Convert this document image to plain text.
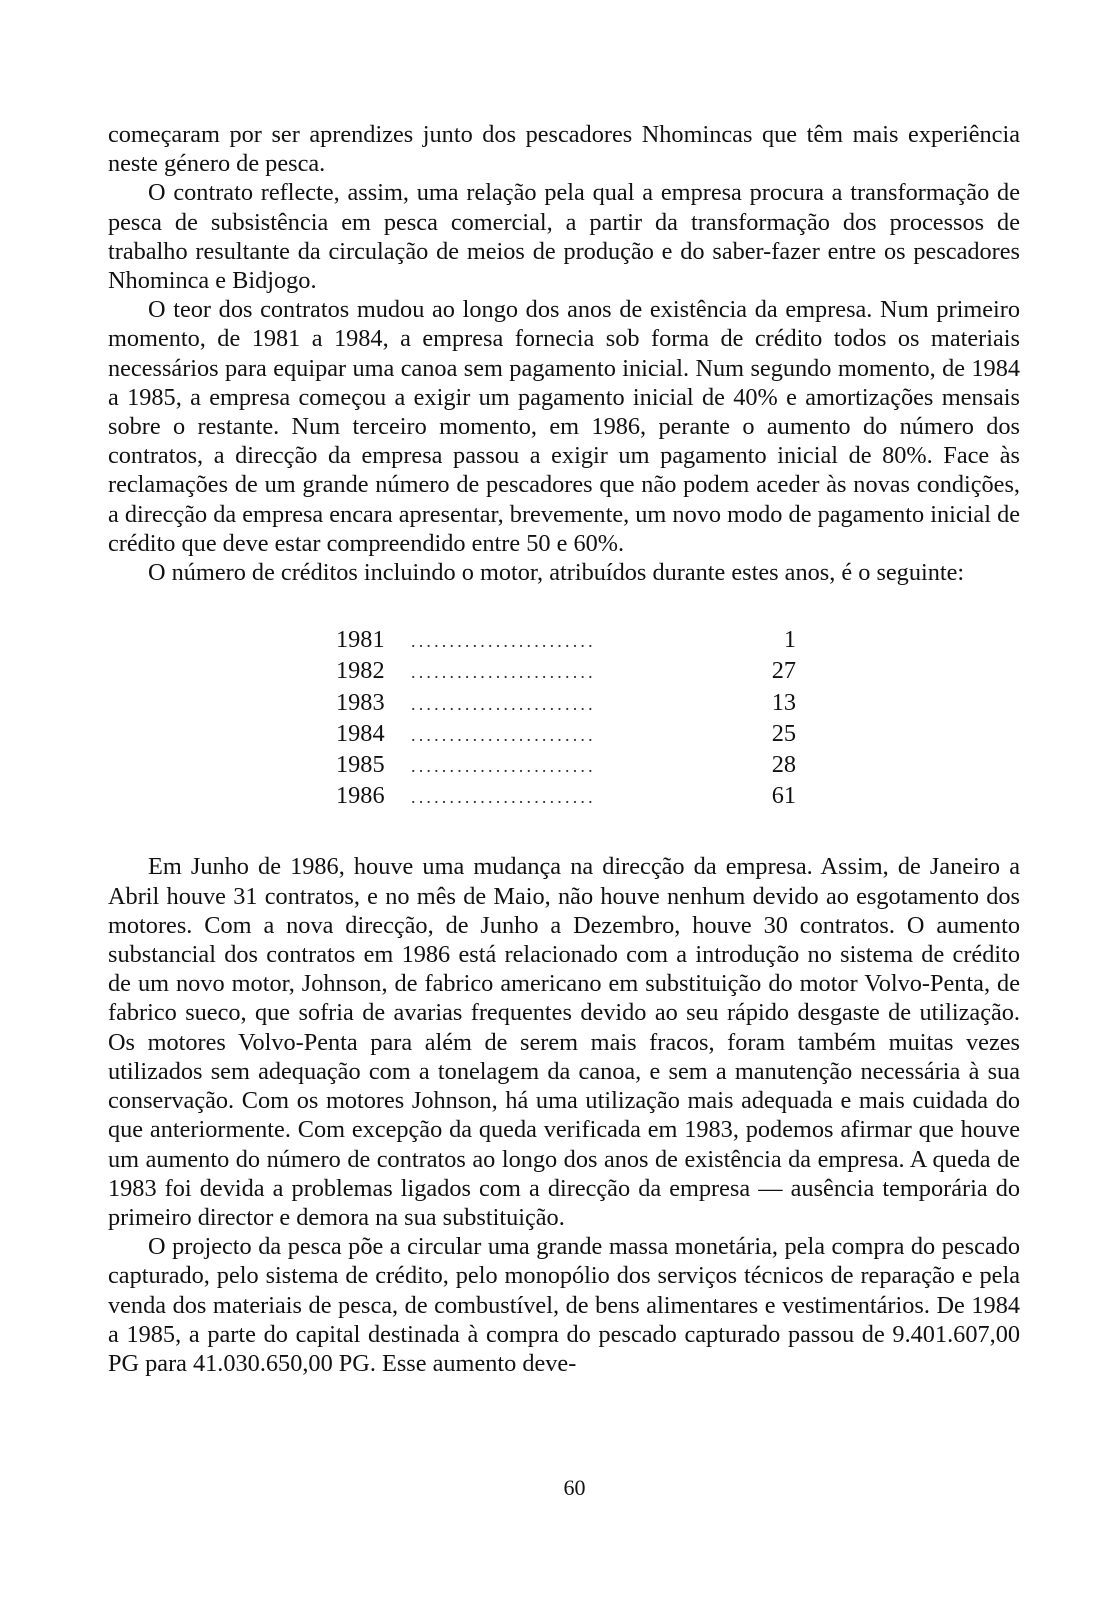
começaram por ser aprendizes junto dos pescadores Nhomincas que têm mais experiência neste género de pesca.

O contrato reflecte, assim, uma relação pela qual a empresa procura a transformação de pesca de subsistência em pesca comercial, a partir da transformação dos processos de trabalho resultante da circulação de meios de produção e do saber-fazer entre os pescadores Nhominca e Bidjogo.

O teor dos contratos mudou ao longo dos anos de existência da empresa. Num primeiro momento, de 1981 a 1984, a empresa fornecia sob forma de crédito todos os materiais necessários para equipar uma canoa sem pagamento inicial. Num segundo momento, de 1984 a 1985, a empresa começou a exigir um pagamento inicial de 40% e amortizações mensais sobre o restante. Num terceiro momento, em 1986, perante o aumento do número dos contratos, a direcção da empresa passou a exigir um pagamento inicial de 80%. Face às reclamações de um grande número de pescadores que não podem aceder às novas condições, a direcção da empresa encara apresentar, brevemente, um novo modo de pagamento inicial de crédito que deve estar compreendido entre 50 e 60%.

O número de créditos incluindo o motor, atribuídos durante estes anos, é o seguinte:

1981	........................	1
1982	........................	27
1983	........................	13
1984	........................	25
1985	........................	28
1986	........................	61

Em Junho de 1986, houve uma mudança na direcção da empresa. Assim, de Janeiro a Abril houve 31 contratos, e no mês de Maio, não houve nenhum devido ao esgotamento dos motores. Com a nova direcção, de Junho a Dezembro, houve 30 contratos. O aumento substancial dos contratos em 1986 está relacionado com a introdução no sistema de crédito de um novo motor, Johnson, de fabrico americano em substituição do motor Volvo-Penta, de fabrico sueco, que sofria de avarias frequentes devido ao seu rápido desgaste de utilização. Os motores Volvo-Penta para além de serem mais fracos, foram também muitas vezes utilizados sem adequação com a tonelagem da canoa, e sem a manutenção necessária à sua conservação. Com os motores Johnson, há uma utilização mais adequada e mais cuidada do que anteriormente. Com excepção da queda verificada em 1983, podemos afirmar que houve um aumento do número de contratos ao longo dos anos de existência da empresa. A queda de 1983 foi devida a problemas ligados com a direcção da empresa — ausência temporária do primeiro director e demora na sua substituição.

O projecto da pesca põe a circular uma grande massa monetária, pela compra do pescado capturado, pelo sistema de crédito, pelo monopólio dos serviços técnicos de reparação e pela venda dos materiais de pesca, de combustível, de bens alimentares e vestimentários. De 1984 a 1985, a parte do capital destinada à compra do pescado capturado passou de 9.401.607,00 PG para 41.030.650,00 PG. Esse aumento deve-

60
